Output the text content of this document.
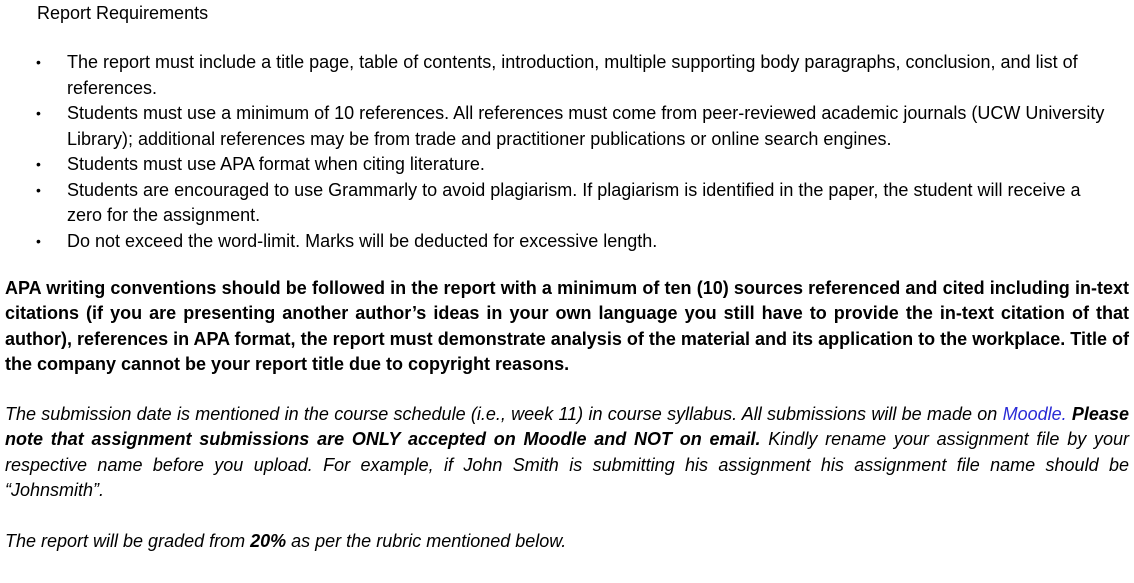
Report Requirements

• The report must include a title page, table of contents, introduction, multiple supporting body paragraphs, conclusion, and list of references.
• Students must use a minimum of 10 references. All references must come from peer-reviewed academic journals (UCW University Library); additional references may be from trade and practitioner publications or online search engines.
• Students must use APA format when citing literature.
• Students are encouraged to use Grammarly to avoid plagiarism. If plagiarism is identified in the paper, the student will receive a zero for the assignment.
• Do not exceed the word-limit. Marks will be deducted for excessive length.

APA writing conventions should be followed in the report with a minimum of ten (10) sources referenced and cited including in-text citations (if you are presenting another author’s ideas in your own language you still have to provide the in-text citation of that author), references in APA format, the report must demonstrate analysis of the material and its application to the workplace. Title of the company cannot be your report title due to copyright reasons.

The submission date is mentioned in the course schedule (i.e., week 11) in course syllabus. All submissions will be made on Moodle. Please note that assignment submissions are ONLY accepted on Moodle and NOT on email. Kindly rename your assignment file by your respective name before you upload. For example, if John Smith is submitting his assignment his assignment file name should be “Johnsmith”.

The report will be graded from 20% as per the rubric mentioned below.
